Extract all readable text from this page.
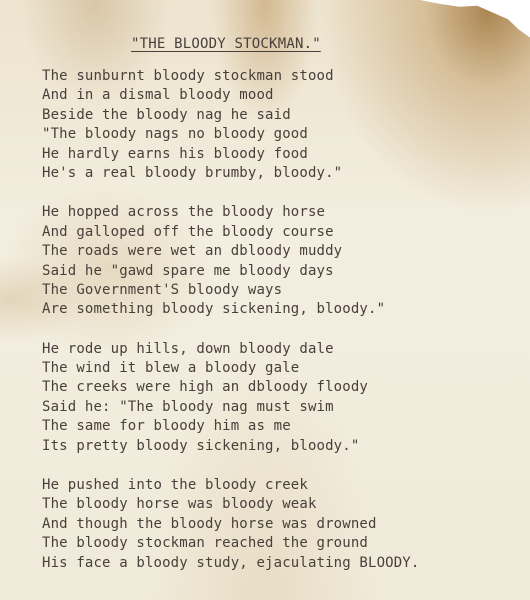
"THE BLOODY STOCKMAN."
The sunburnt bloody stockman stood
And in a dismal bloody mood
Beside the bloody nag he said
"The bloody nags no bloody good
He hardly earns his bloody food
He's a real bloody brumby, bloody."
He hopped across the bloody horse
And galloped off the bloody course
The roads were wet an dbloody muddy
Said he "gawd spare me bloody days
The Government'S bloody ways
Are something bloody sickening, bloody."
He rode up hills, down bloody dale
The wind it blew a bloody gale
The creeks were high an dbloody floody
Said he: "The bloody nag must swim
The same for bloody him as me
Its pretty bloody sickening, bloody."
He pushed into the bloody creek
The bloody horse was bloody weak
And though the bloody horse was drowned
The bloody stockman reached the ground
His face a bloody study, ejaculating BLOODY.
